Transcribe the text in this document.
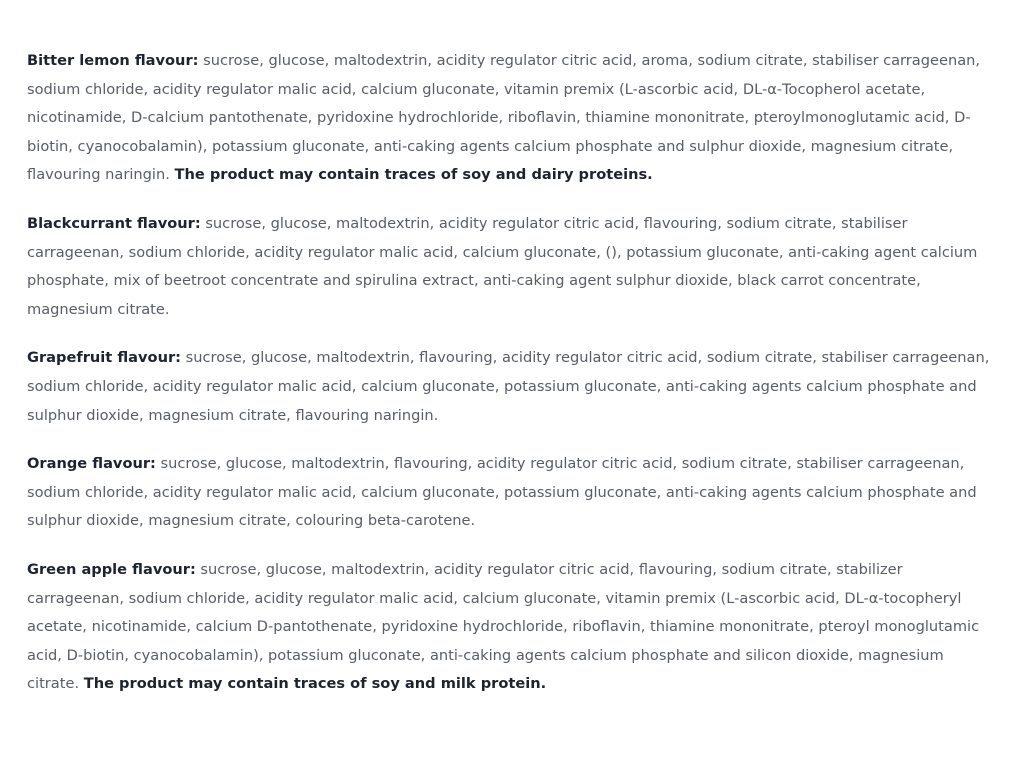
Bitter lemon flavour: sucrose, glucose, maltodextrin, acidity regulator citric acid, aroma, sodium citrate, stabiliser carrageenan, sodium chloride, acidity regulator malic acid, calcium gluconate, vitamin premix (L-ascorbic acid, DL-α-Tocopherol acetate, nicotinamide, D-calcium pantothenate, pyridoxine hydrochloride, riboflavin, thiamine mononitrate, pteroylmonoglutamic acid, D-biotin, cyanocobalamin), potassium gluconate, anti-caking agents calcium phosphate and sulphur dioxide, magnesium citrate, flavouring naringin. The product may contain traces of soy and dairy proteins.

Blackcurrant flavour: sucrose, glucose, maltodextrin, acidity regulator citric acid, flavouring, sodium citrate, stabiliser carrageenan, sodium chloride, acidity regulator malic acid, calcium gluconate, (), potassium gluconate, anti-caking agent calcium phosphate, mix of beetroot concentrate and spirulina extract, anti-caking agent sulphur dioxide, black carrot concentrate, magnesium citrate.

Grapefruit flavour: sucrose, glucose, maltodextrin, flavouring, acidity regulator citric acid, sodium citrate, stabiliser carrageenan, sodium chloride, acidity regulator malic acid, calcium gluconate, potassium gluconate, anti-caking agents calcium phosphate and sulphur dioxide, magnesium citrate, flavouring naringin.

Orange flavour: sucrose, glucose, maltodextrin, flavouring, acidity regulator citric acid, sodium citrate, stabiliser carrageenan, sodium chloride, acidity regulator malic acid, calcium gluconate, potassium gluconate, anti-caking agents calcium phosphate and sulphur dioxide, magnesium citrate, colouring beta-carotene.

Green apple flavour: sucrose, glucose, maltodextrin, acidity regulator citric acid, flavouring, sodium citrate, stabilizer carrageenan, sodium chloride, acidity regulator malic acid, calcium gluconate, vitamin premix (L-ascorbic acid, DL-α-tocopheryl acetate, nicotinamide, calcium D-pantothenate, pyridoxine hydrochloride, riboflavin, thiamine mononitrate, pteroyl monoglutamic acid, D-biotin, cyanocobalamin), potassium gluconate, anti-caking agents calcium phosphate and silicon dioxide, magnesium citrate. The product may contain traces of soy and milk protein.
